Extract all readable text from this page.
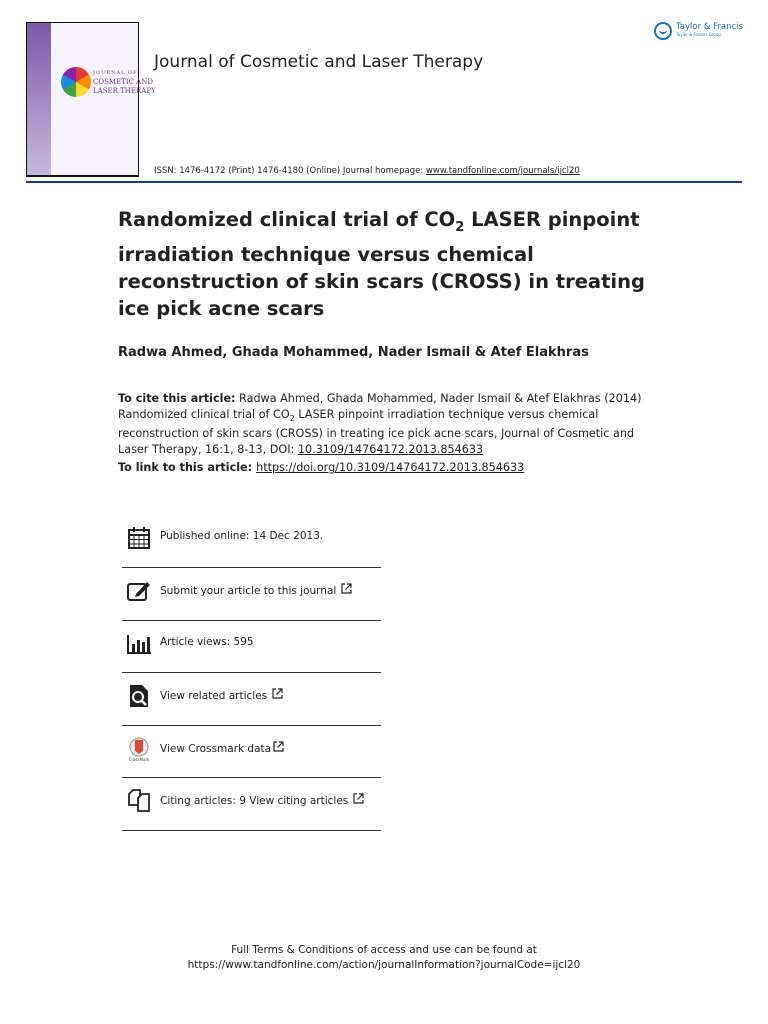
JOURNAL OF
COSMETIC AND
LASER THERAPY
Journal of Cosmetic and Laser Therapy
Taylor & Francis
Taylor & Francis Group
ISSN: 1476-4172 (Print) 1476-4180 (Online) Journal homepage: www.tandfonline.com/journals/ijcl20
Randomized clinical trial of $CO_2$ LASER pinpoint irradiation technique versus chemical reconstruction of skin scars (CROSS) in treating ice pick acne scars
Radwa Ahmed, Ghada Mohammed, Nader Ismail & Atef Elakhras
To cite this article: Radwa Ahmed, Ghada Mohammed, Nader Ismail & Atef Elakhras (2014) Randomized clinical trial of $CO_2$ LASER pinpoint irradiation technique versus chemical reconstruction of skin scars (CROSS) in treating ice pick acne scars, Journal of Cosmetic and Laser Therapy, 16:1, 8-13, DOI: 10.3109/14764172.2013.854633
To link to this article: https://doi.org/10.3109/14764172.2013.854633
Published online: 14 Dec 2013.
Submit your article to this journal
Article views: 595
View related articles
CrossMark
View Crossmark data
Citing articles: 9 View citing articles
Full Terms & Conditions of access and use can be found at
https://www.tandfonline.com/action/journalInformation?journalCode=ijcl20
